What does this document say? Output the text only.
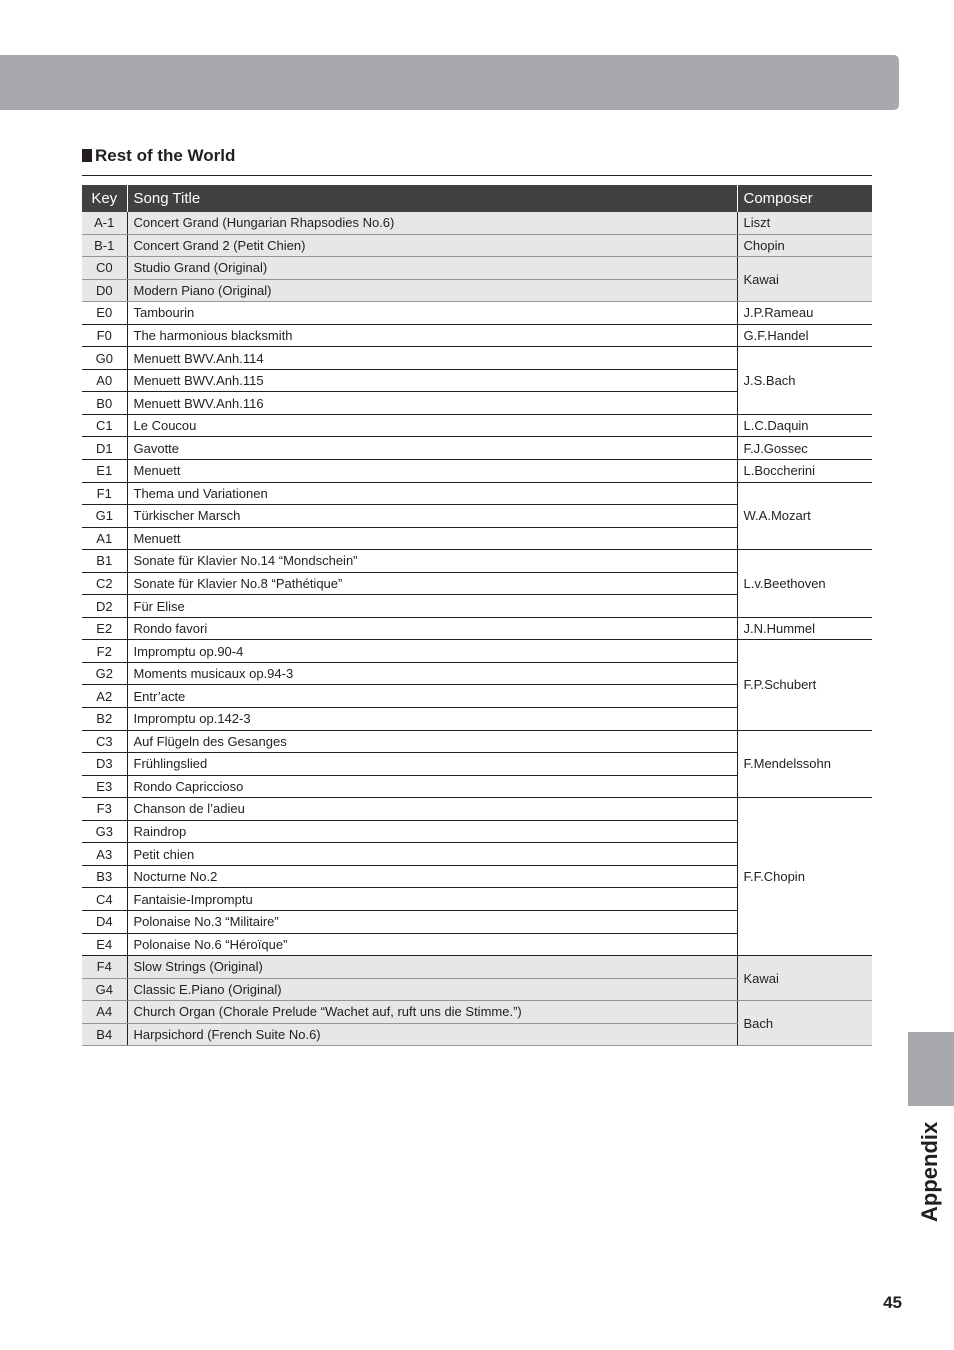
Rest of the World
Key	Song Title	Composer
A-1	Concert Grand (Hungarian Rhapsodies No.6)	Liszt
B-1	Concert Grand 2 (Petit Chien)	Chopin
C0	Studio Grand (Original)	Kawai
D0	Modern Piano (Original)	
E0	Tambourin	J.P.Rameau
F0	The harmonious blacksmith	G.F.Handel
G0	Menuett BWV.Anh.114	J.S.Bach
A0	Menuett BWV.Anh.115	
B0	Menuett BWV.Anh.116	
C1	Le Coucou	L.C.Daquin
D1	Gavotte	F.J.Gossec
E1	Menuett	L.Boccherini
F1	Thema und Variationen	W.A.Mozart
G1	Türkischer Marsch	
A1	Menuett	
B1	Sonate für Klavier No.14 “Mondschein”	L.v.Beethoven
C2	Sonate für Klavier No.8 “Pathétique”	
D2	Für Elise	
E2	Rondo favori	J.N.Hummel
F2	Impromptu op.90-4	F.P.Schubert
G2	Moments musicaux op.94-3	
A2	Entr’acte	
B2	Impromptu op.142-3	
C3	Auf Flügeln des Gesanges	F.Mendelssohn
D3	Frühlingslied	
E3	Rondo Capriccioso	
F3	Chanson de l’adieu	F.F.Chopin
G3	Raindrop	
A3	Petit chien	
B3	Nocturne No.2	
C4	Fantaisie-Impromptu	
D4	Polonaise No.3 “Militaire”	
E4	Polonaise No.6 “Héroïque”	
F4	Slow Strings (Original)	Kawai
G4	Classic E.Piano (Original)	
A4	Church Organ (Chorale Prelude “Wachet auf, ruft uns die Stimme.”)	Bach
B4	Harpsichord (French Suite No.6)	
Appendix
45
